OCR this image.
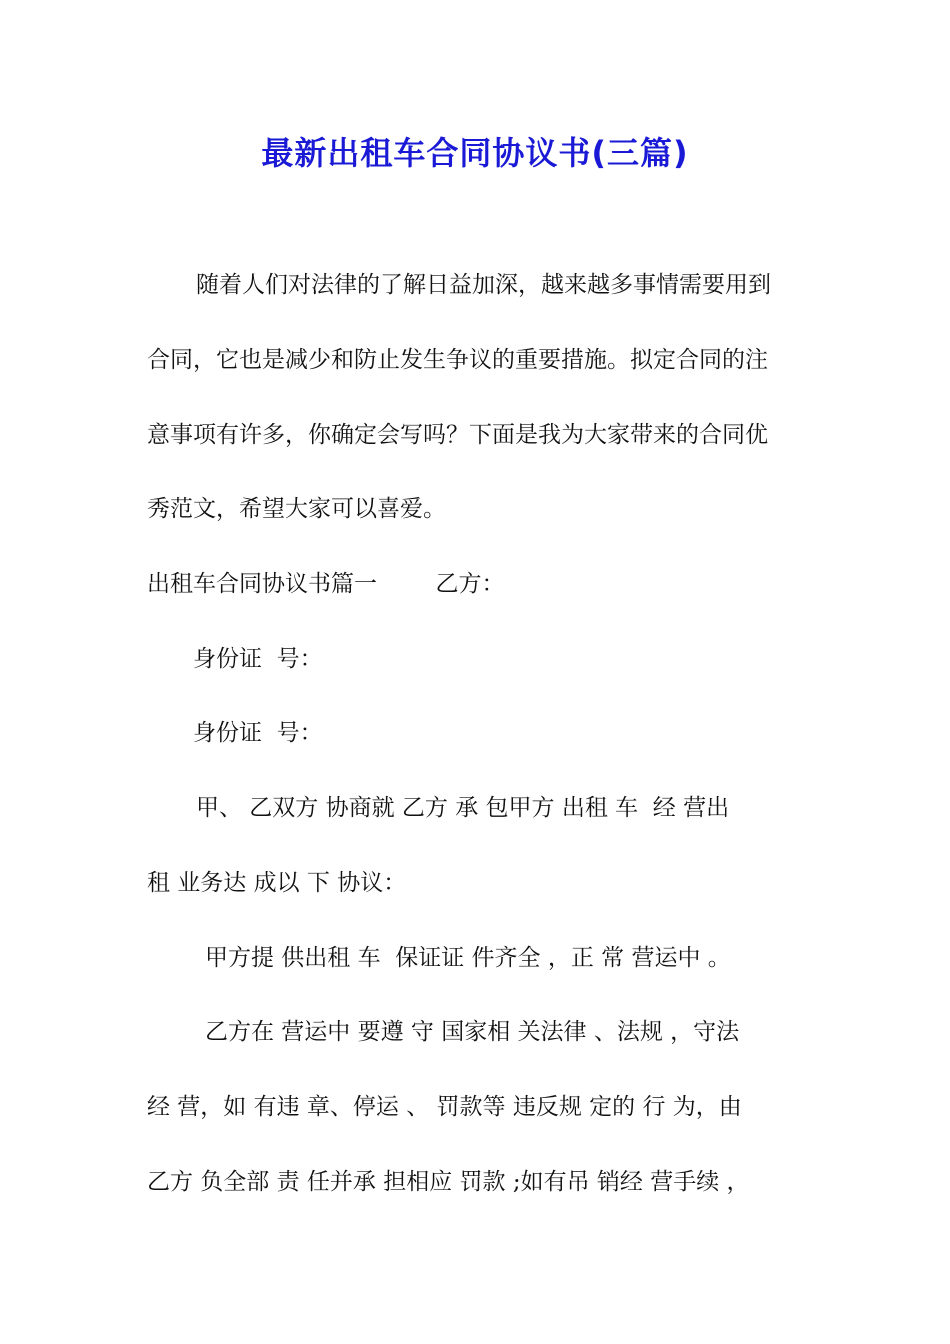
最新出租车合同协议书(三篇)
随着人们对法律的了解日益加深，越来越多事情需要用到
合同，它也是减少和防止发生争议的重要措施。拟定合同的注
意事项有许多，你确定会写吗？下面是我为大家带来的合同优
秀范文，希望大家可以喜爱。
出租车合同协议书篇一        乙方：
身份证  号：
身份证  号：
甲、 乙双方 协商就 乙方 承 包甲方 出租 车  经 营出
租 业务达 成以 下 协议：
甲方提 供出租 车  保证证 件齐全 ，正 常 营运中 。
乙方在 营运中 要遵 守 国家相 关法律 、法规 ，守法
经 营，如 有违 章、停运 、 罚款等 违反规 定的 行 为，由
乙方 负全部 责 任并承 担相应 罚款 ;如有吊 销经 营手续 ，
